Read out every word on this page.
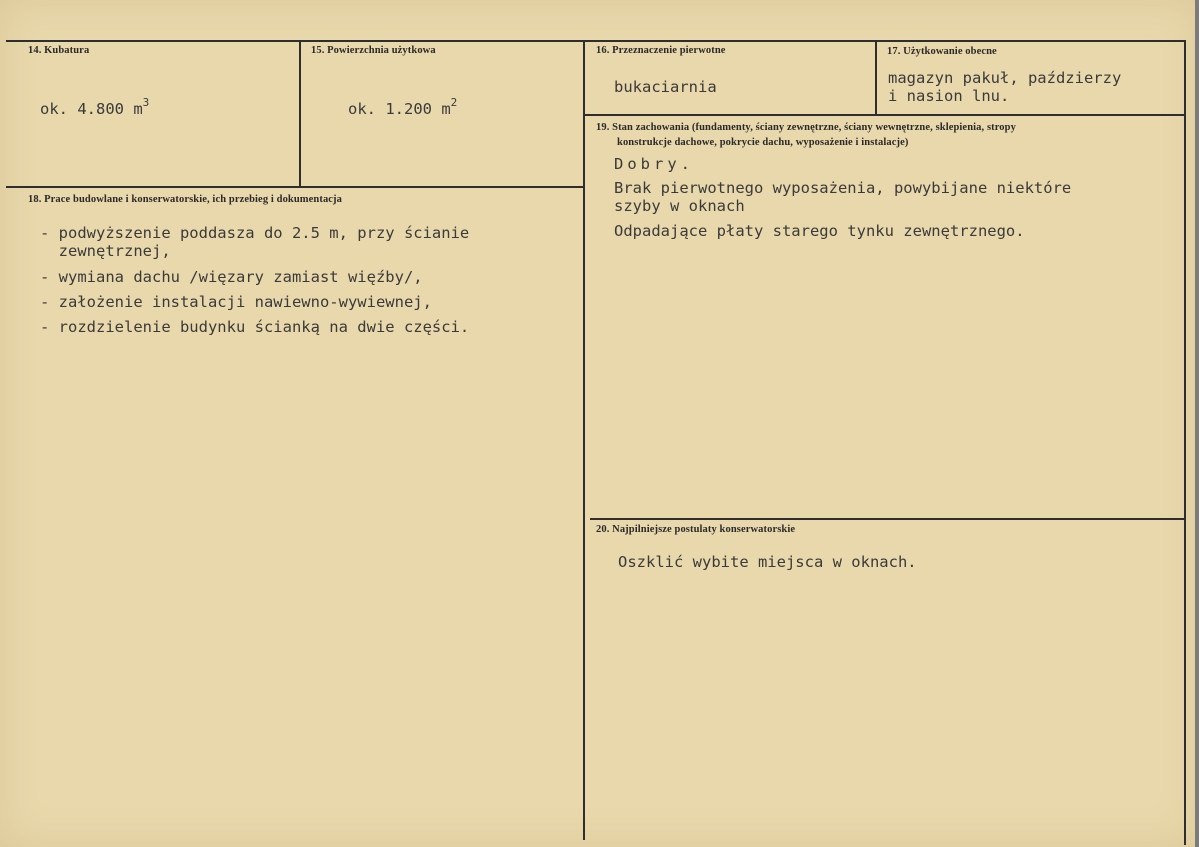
14. Kubatura
ok. 4.800 $m^3$
15. Powierzchnia użytkowa
ok. 1.200 $m^2$
16. Przeznaczenie pierwotne
bukaciarnia
17. Użytkowanie obecne
magazyn pakuł, paździerzy
i nasion lnu.
18. Prace budowlane i konserwatorskie, ich przebieg i dokumentacja
- podwyższenie poddasza do 2.5 m, przy ścianie
zewnętrznej,
- wymiana dachu /więzary zamiast więźby/,
- założenie instalacji nawiewno-wywiewnej,
- rozdzielenie budynku ścianką na dwie części.
19. Stan zachowania (fundamenty, ściany zewnętrzne, ściany wewnętrzne, sklepienia, stropy
konstrukcje dachowe, pokrycie dachu, wyposażenie i instalacje)
Dobry.
Brak pierwotnego wyposażenia, powybijane niektóre
szyby w oknach
Odpadające płaty starego tynku zewnętrznego.
20. Najpilniejsze postulaty konserwatorskie
Oszklić wybite miejsca w oknach.
